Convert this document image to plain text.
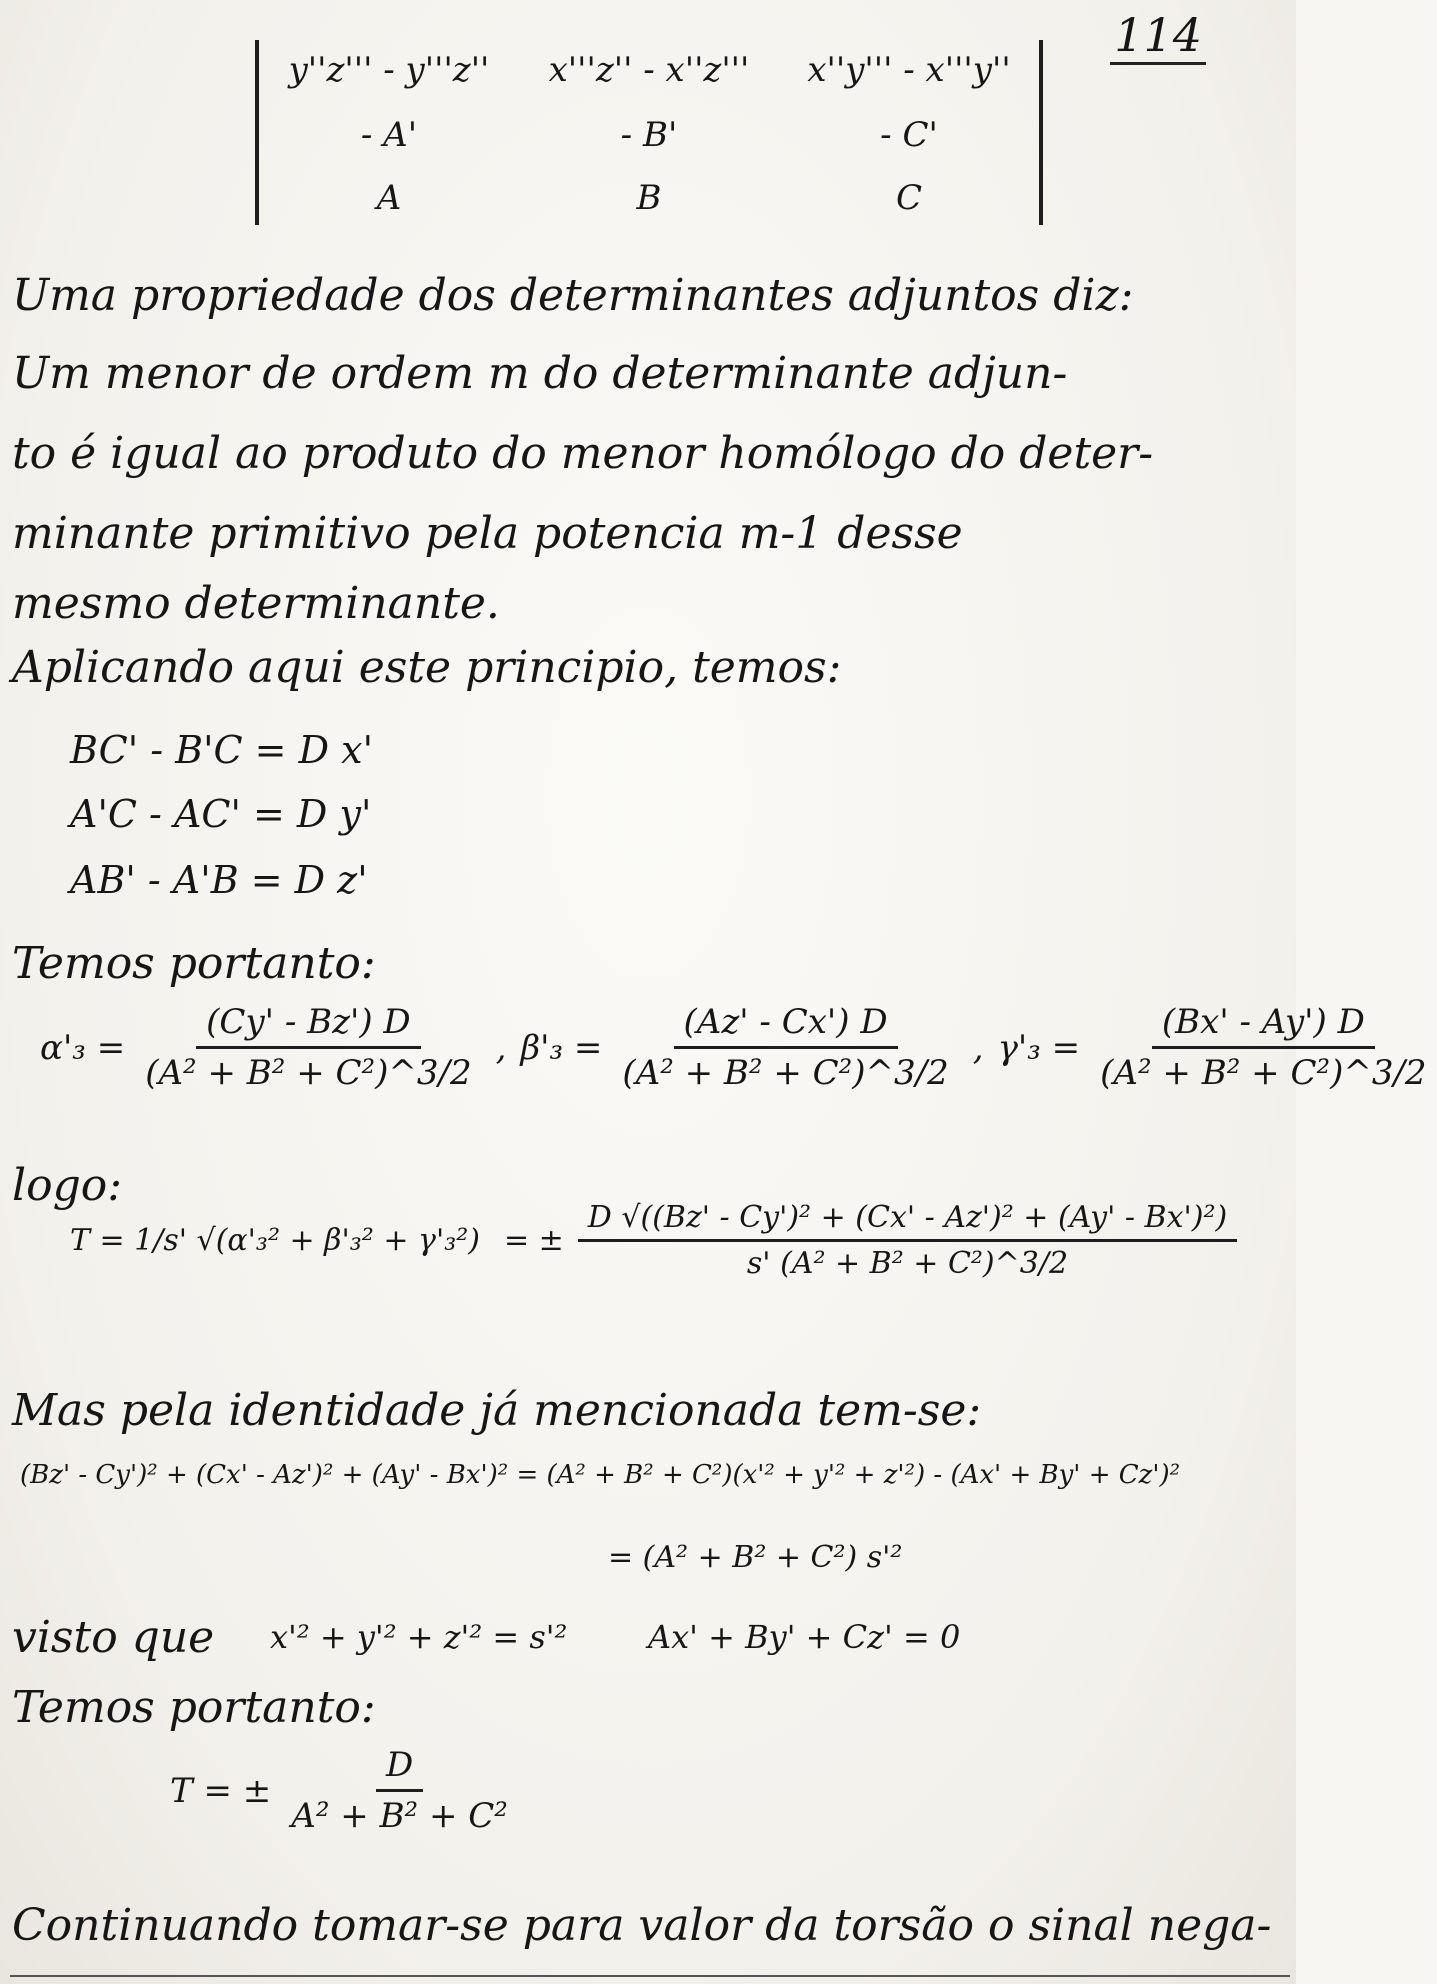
114
y''z''' - y'''z''	x'''z'' - x''z'''	x''y''' - x'''y''
- A'	- B'	- C'
A	B	C
Uma propriedade dos determinantes adjuntos diz:
Um menor de ordem m do determinante adjun-
to é igual ao produto do menor homólogo do deter-
minante primitivo pela potencia m-1 desse
mesmo determinante.
Aplicando aqui este principio, temos:
BC' - B'C = D x'
A'C - AC' = D y'
AB' - A'B = D z'
Temos portanto:
$\alpha'_3 = \frac{(Cy' - Bz') D}{\text{(A² + B² + C²)\textasciicircum{}3/2}}$ , $\beta'_3 = \frac{(Az' - Cx') D}{\text{(A² + B² + C²)\textasciicircum{}3/2}}$ , $\gamma'_3 = \frac{(Bx' - Ay') D}{\text{(A² + B² + C²)\textasciicircum{}3/2}}$
logo:
T = 1/s' √(α'₃² + β'₃² + γ'₃²) = ± $\frac{\text{D √((Bz' - Cy')² + (Cx' - Az')² + (Ay' - Bx')²)}}{\text{s' (A² + B² + C²)\textasciicircum{}3/2}}$
Mas pela identidade já mencionada tem-se:
(Bz' - Cy')² + (Cx' - Az')² + (Ay' - Bx')² = (A² + B² + C²)(x'² + y'² + z'²) - (Ax' + By' + Cz')²
= (A² + B² + C²) s'²
visto que	x'² + y'² + z'² = s'²	Ax' + By' + Cz' = 0
Temos portanto:
T = ± $\frac{D}{\text{A² + B² + C²}}$
Continuando tomar-se para valor da torsão o sinal nega-
